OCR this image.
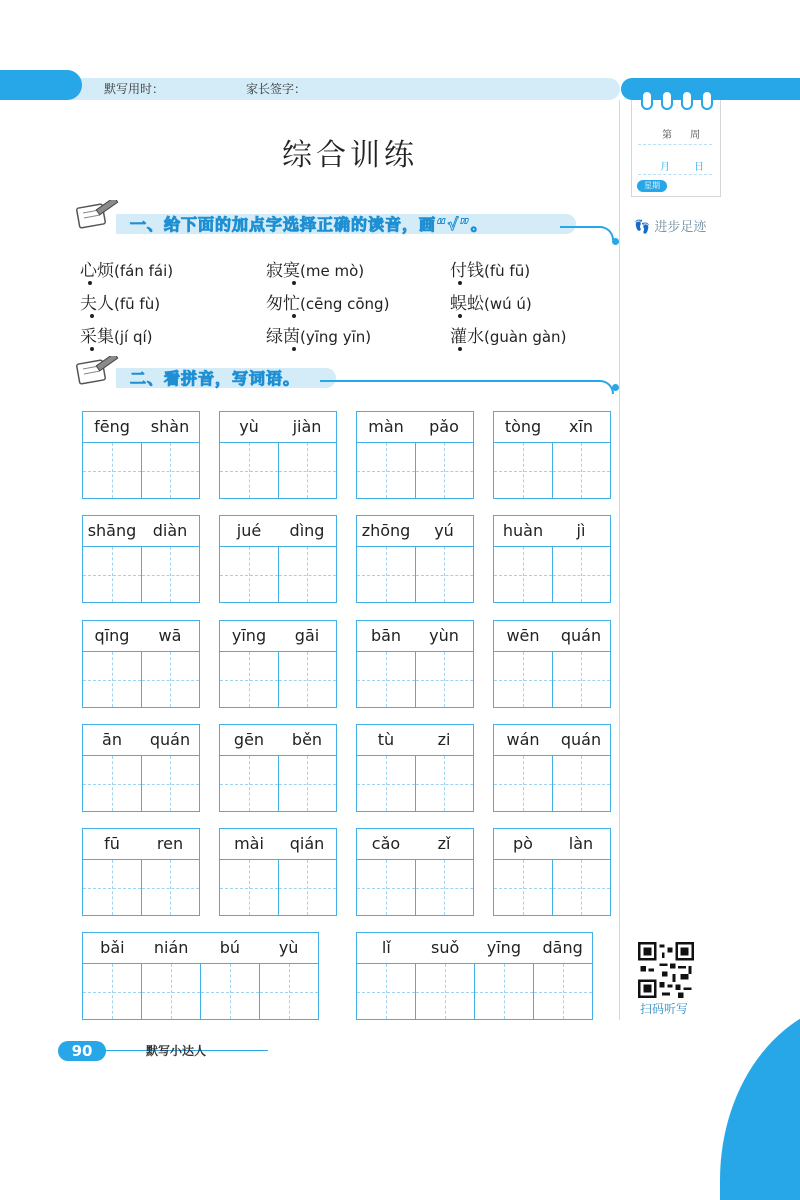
默写用时：	家长签字：
第 周
月 日
星期
👣 进步足迹
综合训练
一、给下面的加点字选择正确的读音，画“√”。
心烦(fán fái)	寂寞(me mò)	付钱(fù fū)
夫人(fū fù)	匆忙(cēng cōng)	蜈蚣(wú ú)
采集(jí qí)	绿茵(yīng yīn)	灌水(guàn gàn)
二、看拼音，写词语。
fēng	shàn	yù	jiàn	màn	pǎo	tòng	xīn
shāng	diàn	jué	dìng	zhōng	yú	huàn	jì
qīng	wā	yīng	gāi	bān	yùn	wēn	quán
ān	quán	gēn	běn	tù	zi	wán	quán
fū	ren	mài	qián	cǎo	zǐ	pò	làn
bǎi	nián	bú	yù	lǐ	suǒ	yīng	dāng
扫码听写
90	默写小达人
